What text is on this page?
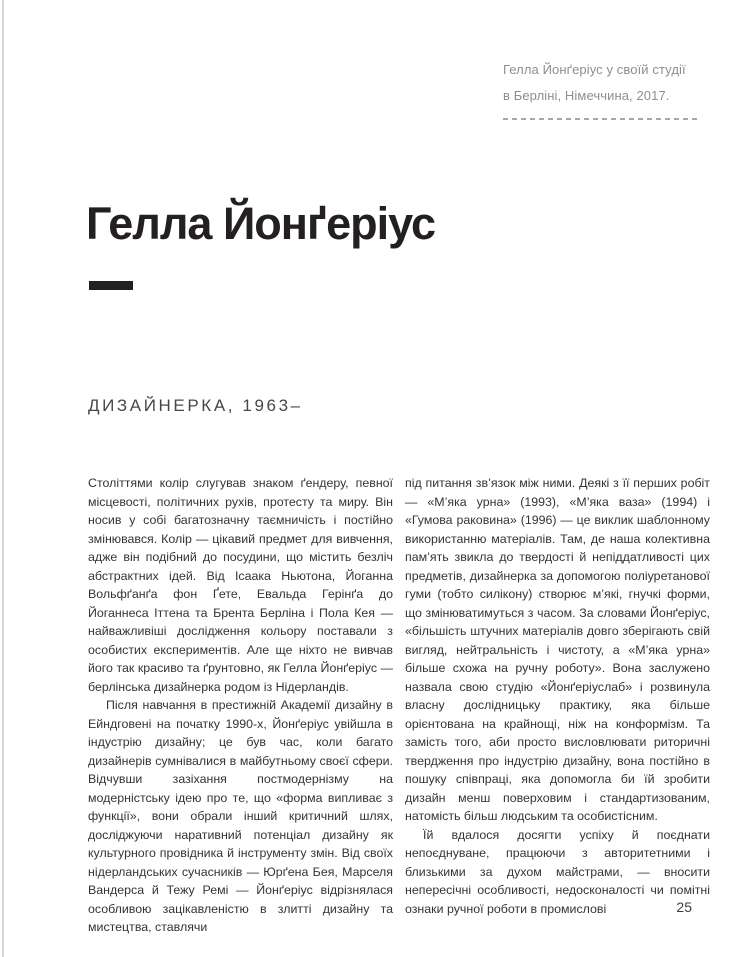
Гелла Йонґеріус у своїй студії
в Берліні, Німеччина, 2017.
Гелла Йонґеріус
ДИЗАЙНЕРКА, 1963–

Століттями колір слугував знаком ґендеру, певної місцевості, політичних рухів, протесту та миру. Він носив у собі багатозначну таємничість і постійно змінювався. Колір — цікавий предмет для вивчення, адже він подібний до посудини, що містить безліч абстрактних ідей. Від Ісаака Ньютона, Йоганна Вольфґанґа фон Ґете, Евальда Герінґа до Йоганнеса Іттена та Брента Берліна і Пола Кея — найважливіші дослідження кольору поставали з особистих експериментів. Але ще ніхто не вивчав його так красиво та ґрунтовно, як Гелла Йонґеріус — берлінська дизайнерка родом із Нідерландів.

Після навчання в престижній Академії дизайну в Ейндговені на початку 1990-х, Йонґеріус увійшла в індустрію дизайну; це був час, коли багато дизайнерів сумнівалися в майбутньому своєї сфери. Відчувши зазіхання постмодернізму на модерністську ідею про те, що «форма випливає з функції», вони обрали інший критичний шлях, досліджуючи наративний потенціал дизайну як культурного провідника й інструменту змін. Від своїх нідерландських сучасників — Юрґена Бея, Марселя Вандерса й Тежу Ремі — Йонґеріус відрізнялася особливою зацікавленістю в злитті дизайну та мистецтва, ставлячи

під питання зв’язок між ними. Деякі з її перших робіт — «М’яка урна» (1993), «М’яка ваза» (1994) і «Гумова раковина» (1996) — це виклик шаблонному використанню матеріалів. Там, де наша колективна пам’ять звикла до твердості й непіддатливості цих предметів, дизайнерка за допомогою поліуретанової гуми (тобто силікону) створює м’які, гнучкі форми, що змінюватимуться з часом. За словами Йонґеріус, «більшість штучних матеріалів довго зберігають свій вигляд, нейтральність і чистоту, а «М’яка урна» більше схожа на ручну роботу». Вона заслужено назвала свою студію «Йонґеріуслаб» і розвинула власну дослідницьку практику, яка більше орієнтована на крайнощі, ніж на конформізм. Та замість того, аби просто висловлювати риторичні твердження про індустрію дизайну, вона постійно в пошуку співпраці, яка допомогла би їй зробити дизайн менш поверховим і стандартизованим, натомість більш людським та особистісним.

Їй вдалося досягти успіху й поєднати непоєднуване, працюючи з авторитетними і близькими за духом майстрами, — вносити непересічні особливості, недосконалості чи помітні ознаки ручної роботи в промислові	25
